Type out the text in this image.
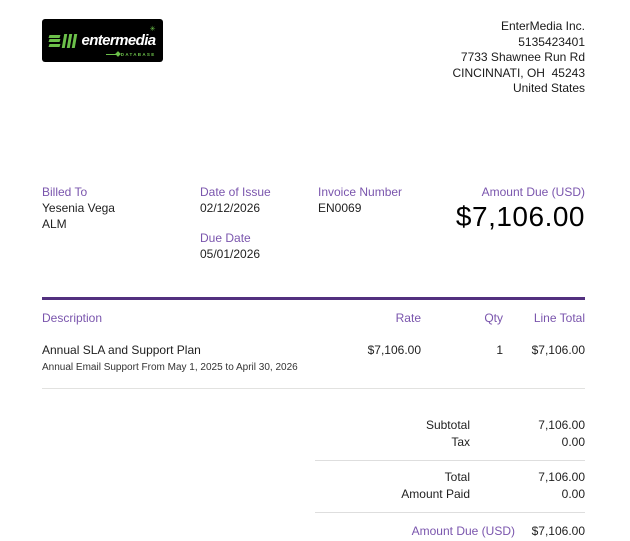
✳
entermedia
DATABASE
EnterMedia Inc.
5135423401
7733 Shawnee Run Rd
CINCINNATI, OH  45243
United States
Billed To
Yesenia Vega
ALM
Date of Issue
02/12/2026
Due Date
05/01/2026
Invoice Number
EN0069
Amount Due (USD)
$7,106.00
Description	Rate	Qty	Line Total
Annual SLA and Support Plan
Annual Email Support From May 1, 2025 to April 30, 2026
$7,106.00	1	$7,106.00
Subtotal	7,106.00
Tax	0.00
Total	7,106.00
Amount Paid	0.00
Amount Due (USD)	$7,106.00
